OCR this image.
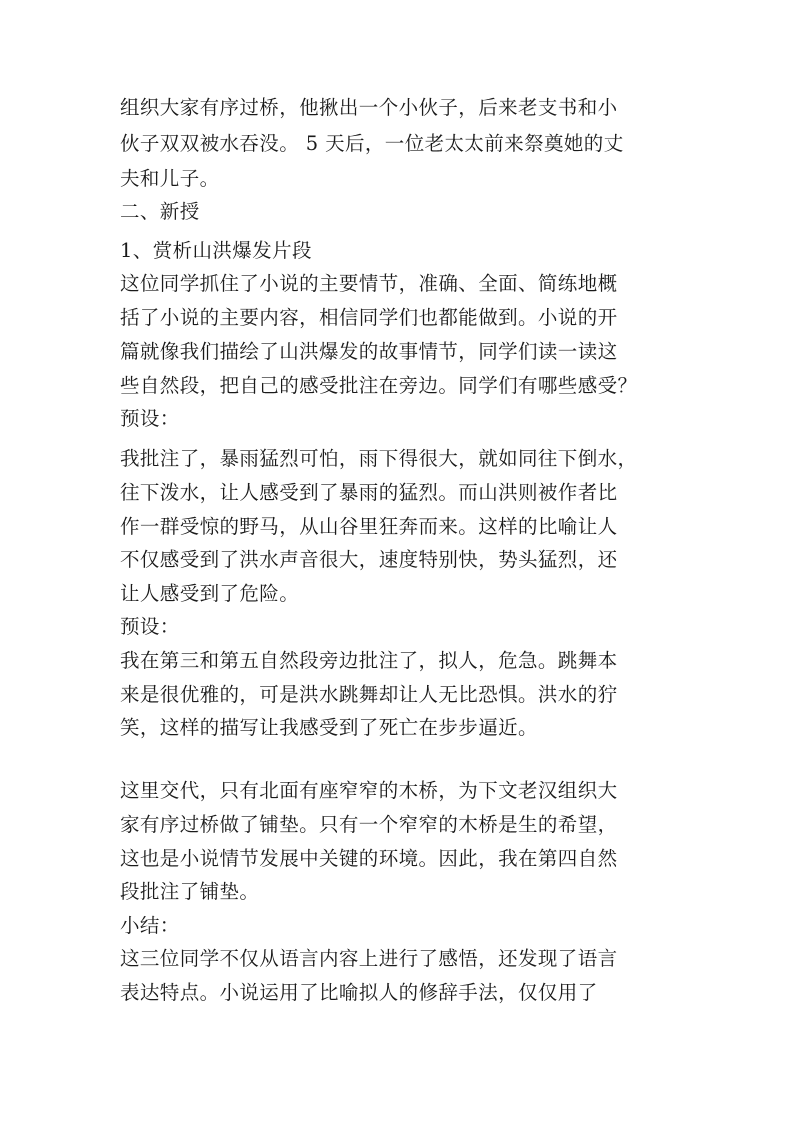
组织大家有序过桥，他揪出一个小伙子，后来老支书和小
伙子双双被水吞没。 5 天后，一位老太太前来祭奠她的丈
夫和儿子。
二、新授
1、赏析山洪爆发片段
这位同学抓住了小说的主要情节，准确、全面、简练地概
括了小说的主要内容，相信同学们也都能做到。小说的开
篇就像我们描绘了山洪爆发的故事情节，同学们读一读这
些自然段，把自己的感受批注在旁边。同学们有哪些感受？
预设：
我批注了，暴雨猛烈可怕，雨下得很大，就如同往下倒水，
往下泼水，让人感受到了暴雨的猛烈。而山洪则被作者比
作一群受惊的野马，从山谷里狂奔而来。这样的比喻让人
不仅感受到了洪水声音很大，速度特别快，势头猛烈，还
让人感受到了危险。
预设：
我在第三和第五自然段旁边批注了，拟人，危急。跳舞本
来是很优雅的，可是洪水跳舞却让人无比恐惧。洪水的狞
笑，这样的描写让我感受到了死亡在步步逼近。
这里交代，只有北面有座窄窄的木桥，为下文老汉组织大
家有序过桥做了铺垫。只有一个窄窄的木桥是生的希望，
这也是小说情节发展中关键的环境。因此，我在第四自然
段批注了铺垫。
小结：
这三位同学不仅从语言内容上进行了感悟，还发现了语言
表达特点。小说运用了比喻拟人的修辞手法，仅仅用了
